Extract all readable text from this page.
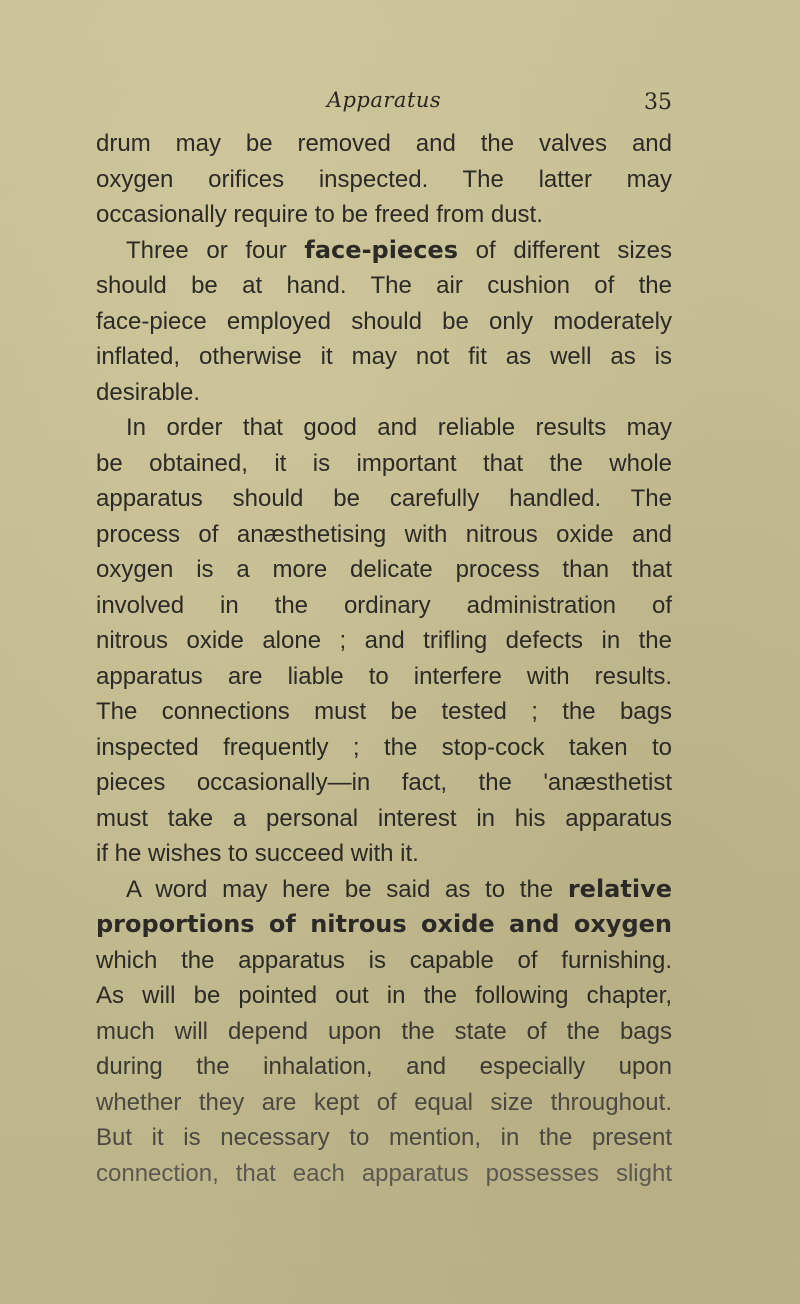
Apparatus	35
drum may be removed and the valves and
oxygen orifices inspected. The latter may
occasionally require to be freed from dust.
Three or four face-pieces of different sizes
should be at hand. The air cushion of the
face-piece employed should be only moderately
inflated, otherwise it may not fit as well as is
desirable.
In order that good and reliable results may
be obtained, it is important that the whole
apparatus should be carefully handled. The
process of anæsthetising with nitrous oxide and
oxygen is a more delicate process than that
involved in the ordinary administration of
nitrous oxide alone ; and trifling defects in the
apparatus are liable to interfere with results.
The connections must be tested ; the bags
inspected frequently ; the stop-cock taken to
pieces occasionally—in fact, the 'anæsthetist
must take a personal interest in his apparatus
if he wishes to succeed with it.
A word may here be said as to the relative
proportions of nitrous oxide and oxygen
which the apparatus is capable of furnishing.
As will be pointed out in the following chapter,
much will depend upon the state of the bags
during the inhalation, and especially upon
whether they are kept of equal size throughout.
But it is necessary to mention, in the present
connection, that each apparatus possesses slight
